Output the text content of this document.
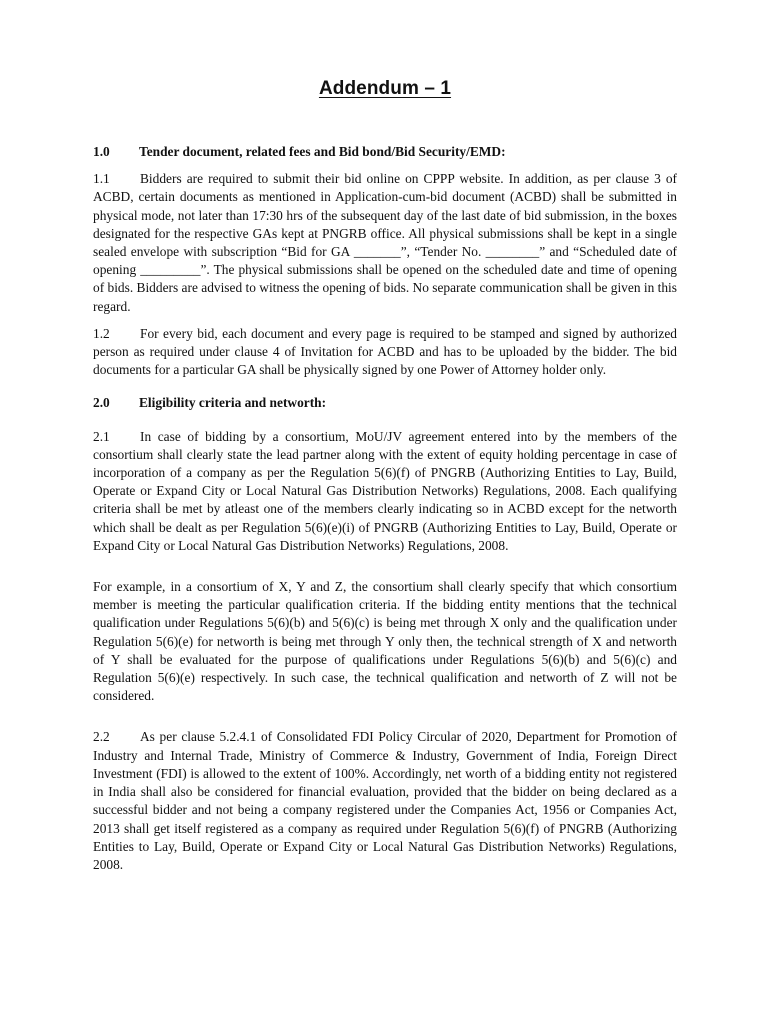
Addendum – 1
1.0	Tender document, related fees and Bid bond/Bid Security/EMD:
1.1 Bidders are required to submit their bid online on CPPP website. In addition, as per clause 3 of ACBD, certain documents as mentioned in Application-cum-bid document (ACBD) shall be submitted in physical mode, not later than 17:30 hrs of the subsequent day of the last date of bid submission, in the boxes designated for the respective GAs kept at PNGRB office. All physical submissions shall be kept in a single sealed envelope with subscription “Bid for GA _______”, “Tender No. ________” and “Scheduled date of opening _________”. The physical submissions shall be opened on the scheduled date and time of opening of bids. Bidders are advised to witness the opening of bids. No separate communication shall be given in this regard.
1.2 For every bid, each document and every page is required to be stamped and signed by authorized person as required under clause 4 of Invitation for ACBD and has to be uploaded by the bidder. The bid documents for a particular GA shall be physically signed by one Power of Attorney holder only.
2.0	Eligibility criteria and networth:
2.1 In case of bidding by a consortium, MoU/JV agreement entered into by the members of the consortium shall clearly state the lead partner along with the extent of equity holding percentage in case of incorporation of a company as per the Regulation 5(6)(f) of PNGRB (Authorizing Entities to Lay, Build, Operate or Expand City or Local Natural Gas Distribution Networks) Regulations, 2008. Each qualifying criteria shall be met by atleast one of the members clearly indicating so in ACBD except for the networth which shall be dealt as per Regulation 5(6)(e)(i) of PNGRB (Authorizing Entities to Lay, Build, Operate or Expand City or Local Natural Gas Distribution Networks) Regulations, 2008.
For example, in a consortium of X, Y and Z, the consortium shall clearly specify that which consortium member is meeting the particular qualification criteria. If the bidding entity mentions that the technical qualification under Regulations 5(6)(b) and 5(6)(c) is being met through X only and the qualification under Regulation 5(6)(e) for networth is being met through Y only then, the technical strength of X and networth of Y shall be evaluated for the purpose of qualifications under Regulations 5(6)(b) and 5(6)(c) and Regulation 5(6)(e) respectively. In such case, the technical qualification and networth of Z will not be considered.
2.2 As per clause 5.2.4.1 of Consolidated FDI Policy Circular of 2020, Department for Promotion of Industry and Internal Trade, Ministry of Commerce & Industry, Government of India, Foreign Direct Investment (FDI) is allowed to the extent of 100%. Accordingly, net worth of a bidding entity not registered in India shall also be considered for financial evaluation, provided that the bidder on being declared as a successful bidder and not being a company registered under the Companies Act, 1956 or Companies Act, 2013 shall get itself registered as a company as required under Regulation 5(6)(f) of PNGRB (Authorizing Entities to Lay, Build, Operate or Expand City or Local Natural Gas Distribution Networks) Regulations, 2008.
